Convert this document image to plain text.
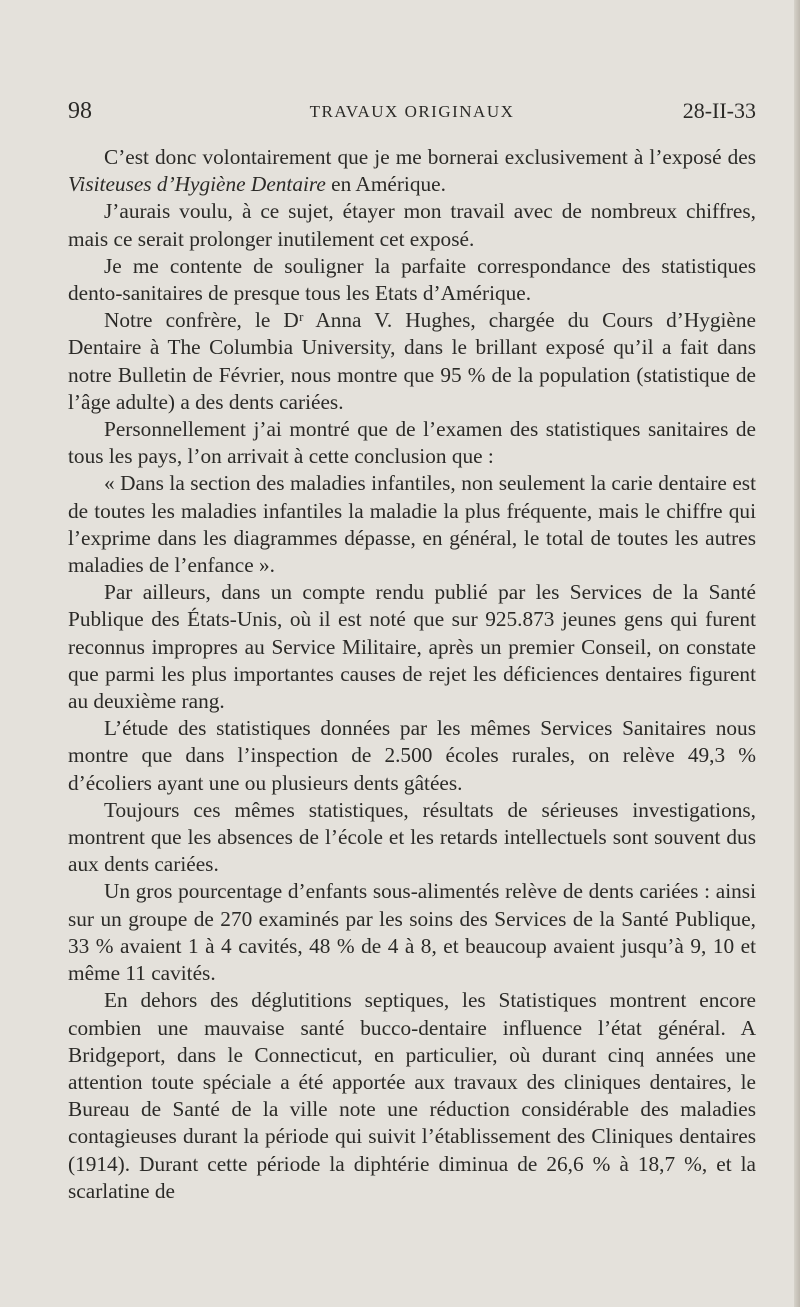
98	TRAVAUX ORIGINAUX	28-II-33

C’est donc volontairement que je me bornerai exclusivement à l’exposé des Visiteuses d’Hygiène Dentaire en Amérique.

J’aurais voulu, à ce sujet, étayer mon travail avec de nombreux chiffres, mais ce serait prolonger inutilement cet exposé.

Je me contente de souligner la parfaite correspondance des statistiques dento-sanitaires de presque tous les Etats d’Amérique.

Notre confrère, le Dʳ Anna V. Hughes, chargée du Cours d’Hygiène Dentaire à The Columbia University, dans le brillant exposé qu’il a fait dans notre Bulletin de Février, nous montre que 95 % de la population (statistique de l’âge adulte) a des dents cariées.

Personnellement j’ai montré que de l’examen des statistiques sanitaires de tous les pays, l’on arrivait à cette conclusion que :

« Dans la section des maladies infantiles, non seulement la carie dentaire est de toutes les maladies infantiles la maladie la plus fréquente, mais le chiffre qui l’exprime dans les diagrammes dépasse, en général, le total de toutes les autres maladies de l’enfance ».

Par ailleurs, dans un compte rendu publié par les Services de la Santé Publique des États-Unis, où il est noté que sur 925.873 jeunes gens qui furent reconnus impropres au Service Militaire, après un premier Conseil, on constate que parmi les plus importantes causes de rejet les déficiences dentaires figurent au deuxième rang.

L’étude des statistiques données par les mêmes Services Sanitaires nous montre que dans l’inspection de 2.500 écoles rurales, on relève 49,3 % d’écoliers ayant une ou plusieurs dents gâtées.

Toujours ces mêmes statistiques, résultats de sérieuses investigations, montrent que les absences de l’école et les retards intellectuels sont souvent dus aux dents cariées.

Un gros pourcentage d’enfants sous-alimentés relève de dents cariées : ainsi sur un groupe de 270 examinés par les soins des Services de la Santé Publique, 33 % avaient 1 à 4 cavités, 48 % de 4 à 8, et beaucoup avaient jusqu’à 9, 10 et même 11 cavités.

En dehors des déglutitions septiques, les Statistiques montrent encore combien une mauvaise santé bucco-dentaire influence l’état général. A Bridgeport, dans le Connecticut, en particulier, où durant cinq années une attention toute spéciale a été apportée aux travaux des cliniques dentaires, le Bureau de Santé de la ville note une réduction considérable des maladies contagieuses durant la période qui suivit l’établissement des Cliniques dentaires (1914). Durant cette période la diphtérie diminua de 26,6 % à 18,7 %, et la scarlatine de
